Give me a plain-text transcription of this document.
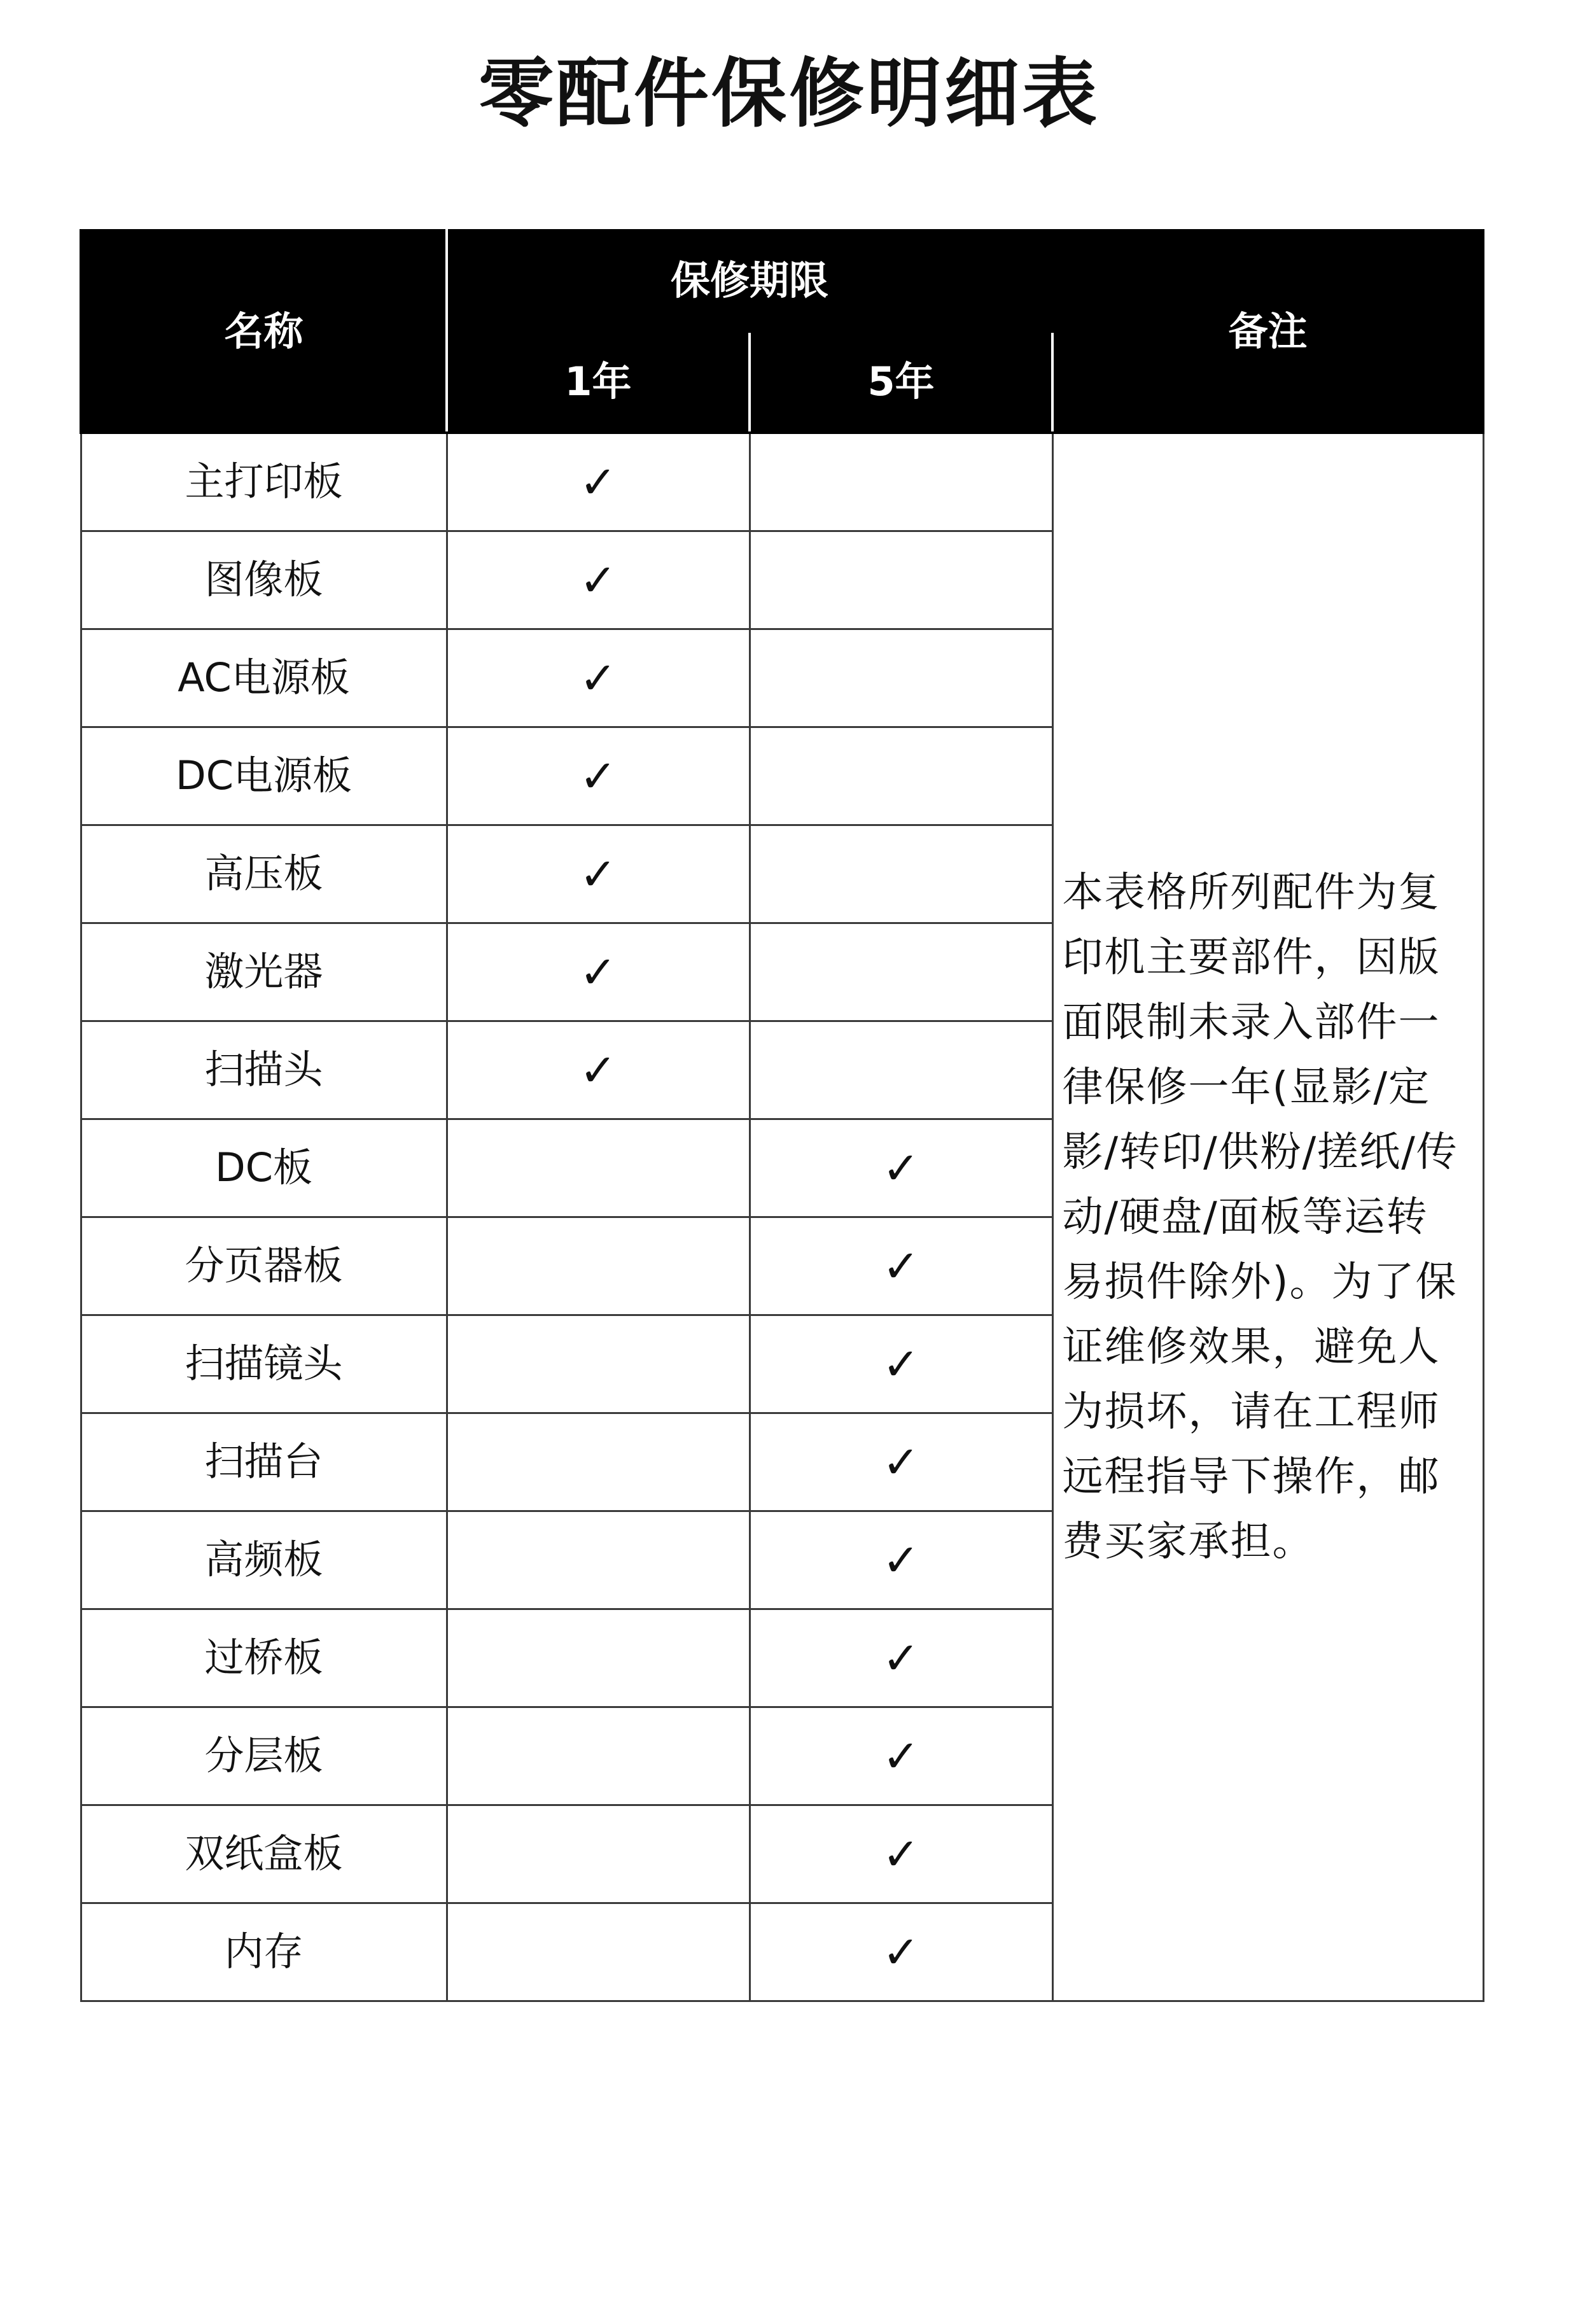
零配件保修明细表
名称	保修期限		备注
	1年	5年	
主打印板	✓		本表格所列配件为复印机主要部件，因版面限制未录入部件一律保修一年(显影/定影/转印/供粉/搓纸/传动/硬盘/面板等运转易损件除外)。为了保证维修效果，避免人为损坏，请在工程师远程指导下操作，邮费买家承担。
图像板	✓		
AC电源板	✓		
DC电源板	✓		
高压板	✓		
激光器	✓		
扫描头	✓		
DC板		✓	
分页器板		✓	
扫描镜头		✓	
扫描台		✓	
高频板		✓	
过桥板		✓	
分层板		✓	
双纸盒板		✓	
内存		✓	
